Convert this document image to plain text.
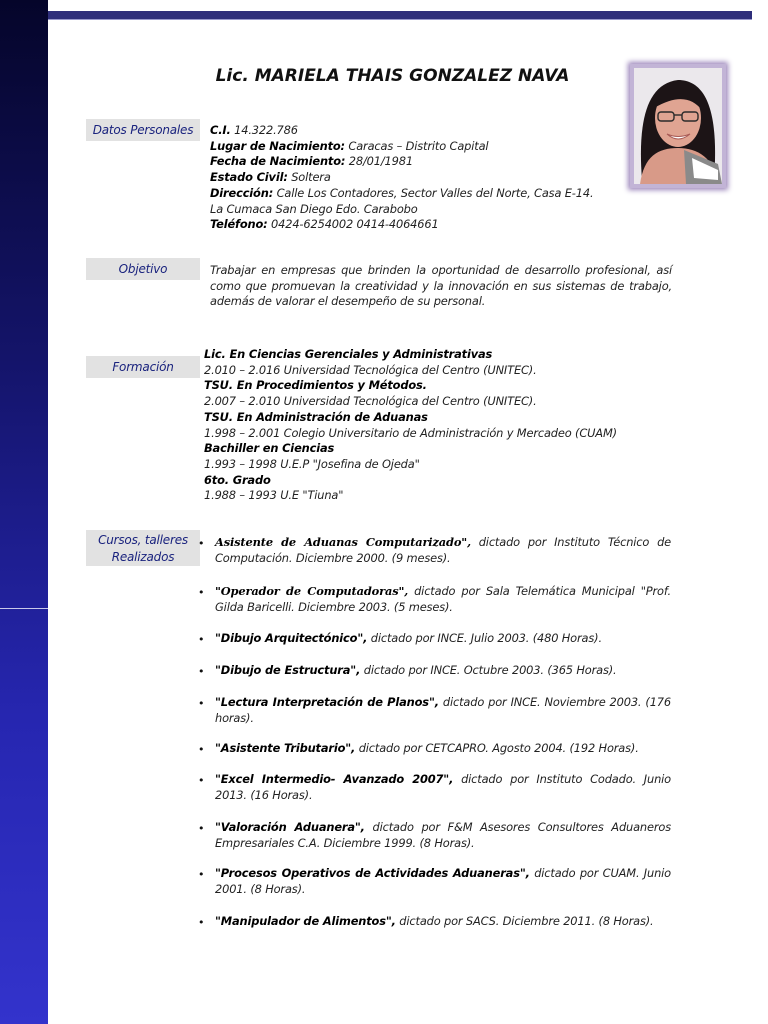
Lic. MARIELA THAIS GONZALEZ NAVA
Datos Personales	C.I. 14.322.786
Lugar de Nacimiento: Caracas – Distrito Capital
Fecha de Nacimiento: 28/01/1981
Estado Civil: Soltera
Dirección: Calle Los Contadores, Sector Valles del Norte, Casa E-14.
La Cumaca San Diego Edo. Carabobo
Teléfono: 0424-6254002 0414-4064661
Objetivo	Trabajar en empresas que brinden la oportunidad de desarrollo profesional, así como que promuevan la creatividad y la innovación en sus sistemas de trabajo, además de valorar el desempeño de su personal.
Formación
Lic. En Ciencias Gerenciales y Administrativas
2.010 – 2.016 Universidad Tecnológica del Centro (UNITEC).
TSU. En Procedimientos y Métodos.
2.007 – 2.010 Universidad Tecnológica del Centro (UNITEC).
TSU. En Administración de Aduanas
1.998 – 2.001 Colegio Universitario de Administración y Mercadeo (CUAM)
Bachiller en Ciencias
1.993 – 1998 U.E.P "Josefina de Ojeda"
6to. Grado
1.988 – 1993 U.E "Tiuna"
Cursos, talleres
Realizados
• Asistente de Aduanas Computarizado", dictado por Instituto Técnico de Computación. Diciembre 2000. (9 meses).
• "Operador de Computadoras", dictado por Sala Telemática Municipal "Prof. Gilda Baricelli. Diciembre 2003. (5 meses).
• "Dibujo Arquitectónico", dictado por INCE. Julio 2003. (480 Horas).
• "Dibujo de Estructura", dictado por INCE. Octubre 2003. (365 Horas).
• "Lectura Interpretación de Planos", dictado por INCE. Noviembre 2003. (176 horas).
• "Asistente Tributario", dictado por CETCAPRO. Agosto 2004. (192 Horas).
• "Excel Intermedio- Avanzado 2007", dictado por Instituto Codado. Junio 2013. (16 Horas).
• "Valoración Aduanera", dictado por F&M Asesores Consultores Aduaneros Empresariales C.A. Diciembre 1999. (8 Horas).
• "Procesos Operativos de Actividades Aduaneras", dictado por CUAM. Junio 2001. (8 Horas).
• "Manipulador de Alimentos", dictado por SACS. Diciembre 2011. (8 Horas).
